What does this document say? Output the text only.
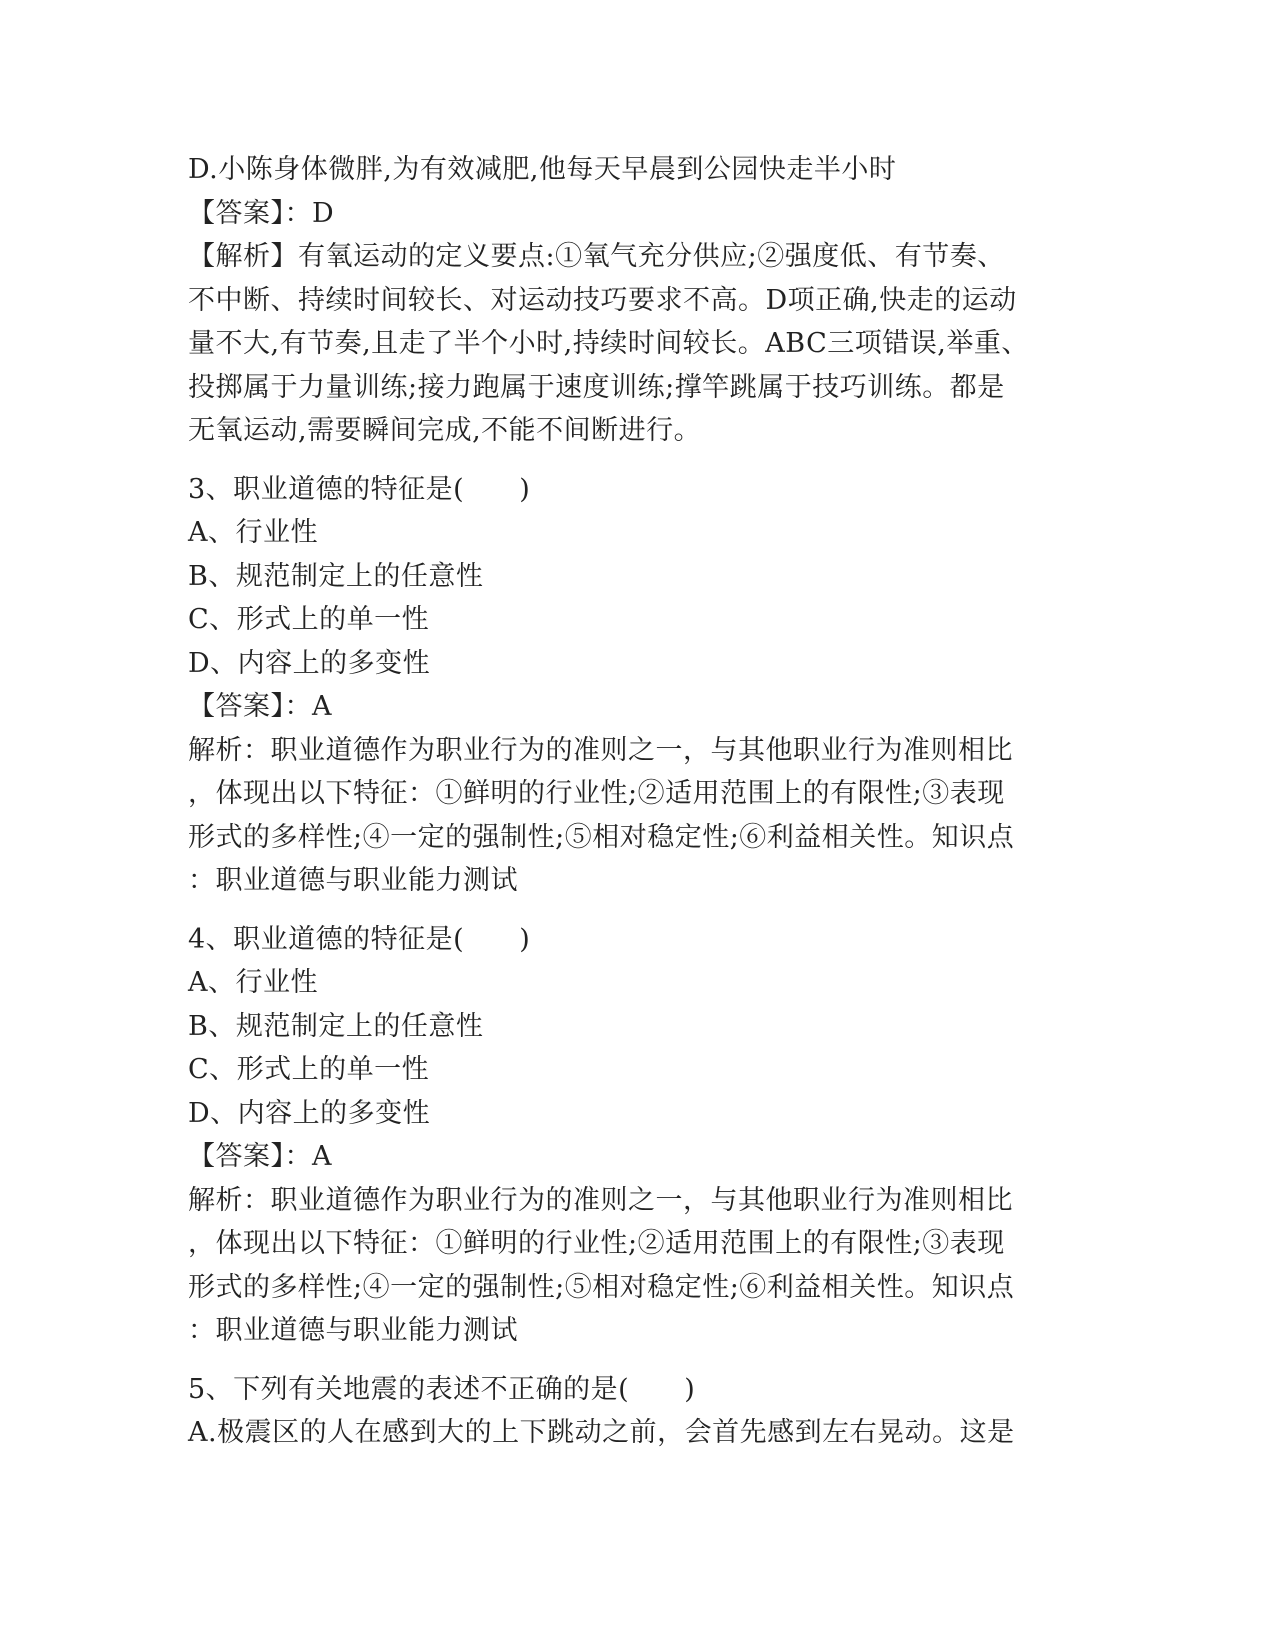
D.小陈身体微胖,为有效减肥,他每天早晨到公园快走半小时
【答案】：D
【解析】有氧运动的定义要点:①氧气充分供应;②强度低、有节奏、
不中断、持续时间较长、对运动技巧要求不高。D项正确,快走的运动
量不大,有节奏,且走了半个小时,持续时间较长。ABC三项错误,举重、
投掷属于力量训练;接力跑属于速度训练;撑竿跳属于技巧训练。都是
无氧运动,需要瞬间完成,不能不间断进行。
3、职业道德的特征是(　　)
A、行业性
B、规范制定上的任意性
C、形式上的单一性
D、内容上的多变性
【答案】：A
解析：职业道德作为职业行为的准则之一，与其他职业行为准则相比
，体现出以下特征：①鲜明的行业性;②适用范围上的有限性;③表现
形式的多样性;④一定的强制性;⑤相对稳定性;⑥利益相关性。知识点
：职业道德与职业能力测试
4、职业道德的特征是(　　)
A、行业性
B、规范制定上的任意性
C、形式上的单一性
D、内容上的多变性
【答案】：A
解析：职业道德作为职业行为的准则之一，与其他职业行为准则相比
，体现出以下特征：①鲜明的行业性;②适用范围上的有限性;③表现
形式的多样性;④一定的强制性;⑤相对稳定性;⑥利益相关性。知识点
：职业道德与职业能力测试
5、下列有关地震的表述不正确的是(　　)
A.极震区的人在感到大的上下跳动之前，会首先感到左右晃动。这是
